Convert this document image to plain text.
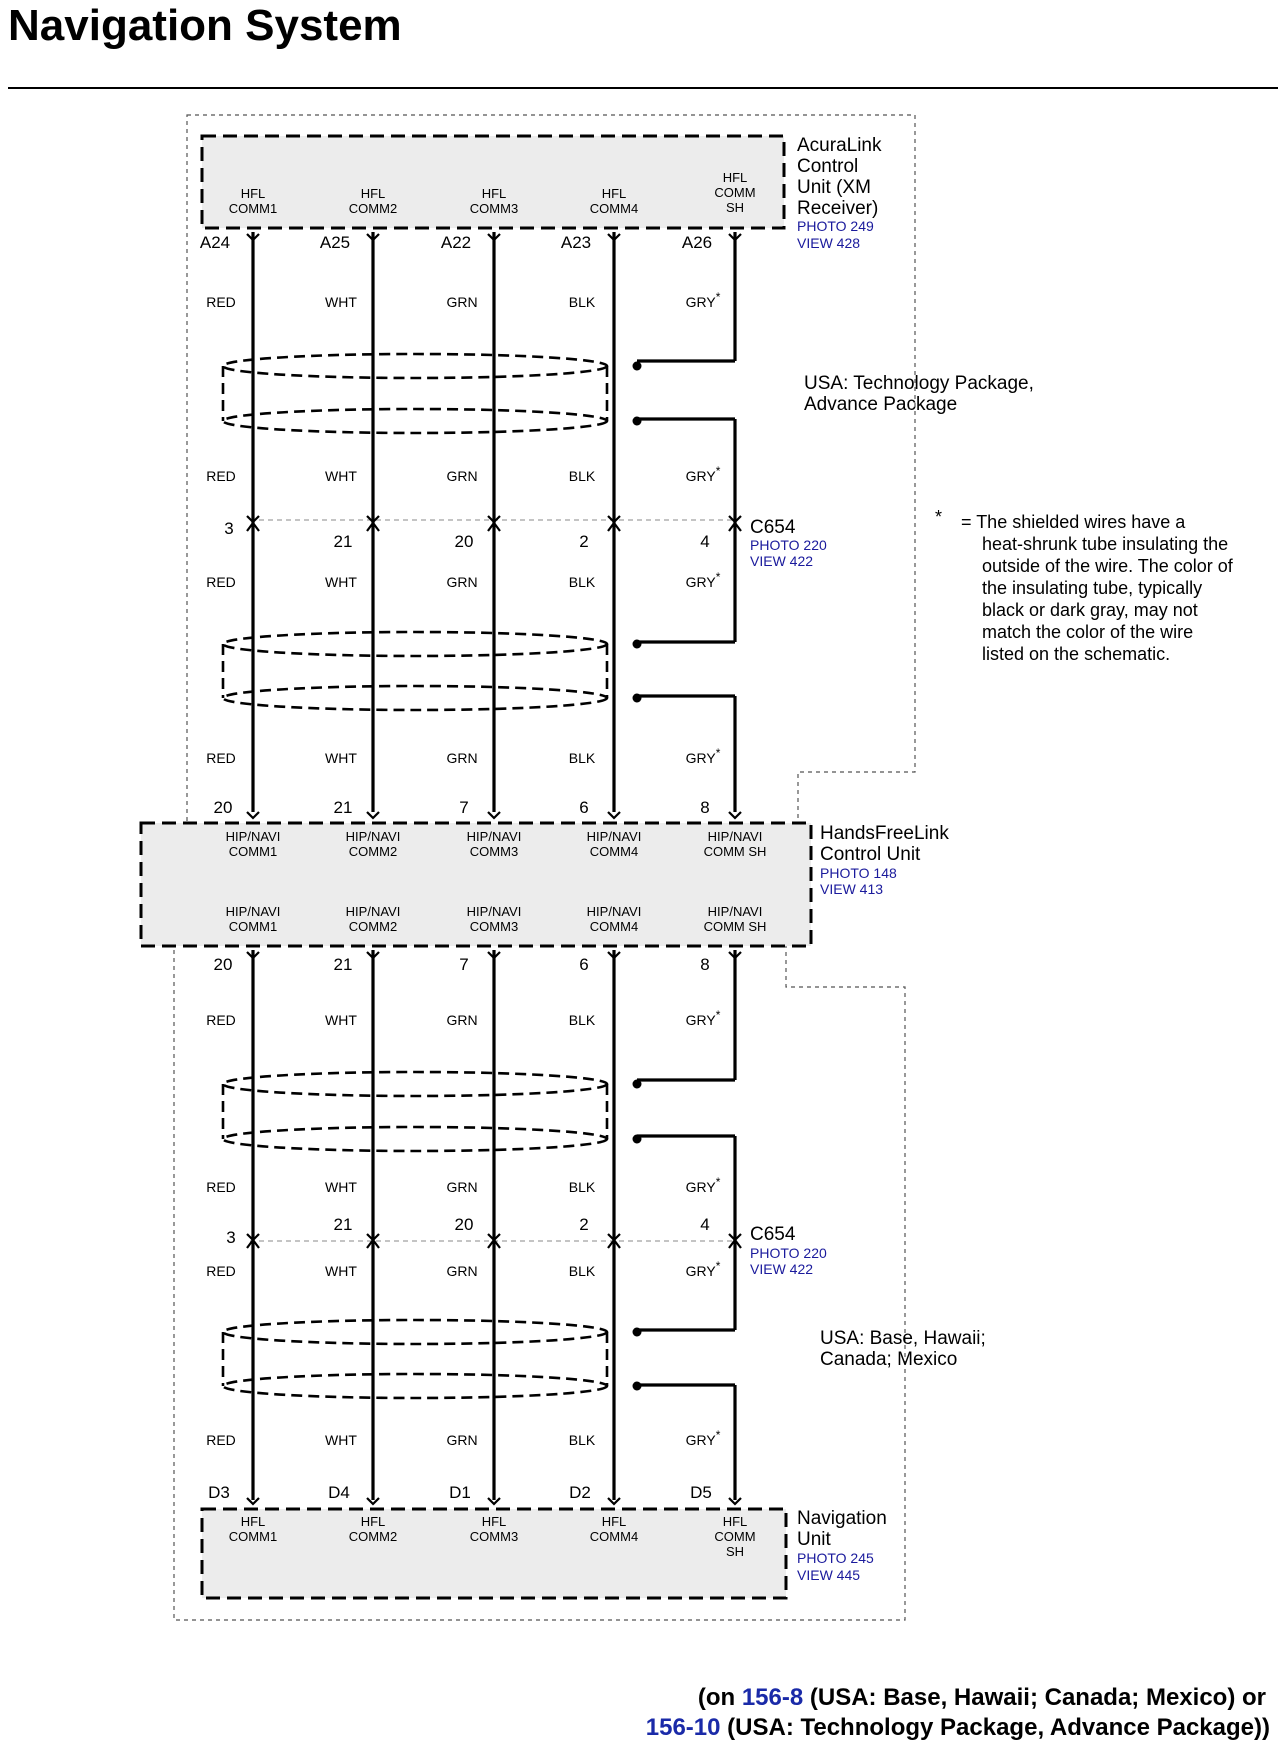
Navigation System
HFL
COMM1
HFL
COMM2
HFL
COMM3
HFL
COMM4
HFL
COMM
SH
A24	A25	A22	A23	A26
RED	WHT	GRN	BLK	GRY*
RED	WHT	GRN	BLK	GRY*
RED	WHT	GRN	BLK	GRY*
RED	WHT	GRN	BLK	GRY*
3
21	20	2	4
20	21	7	6	8
HIP/NAVI
COMM1
HIP/NAVI
COMM2
HIP/NAVI
COMM3
HIP/NAVI
COMM4
HIP/NAVI
COMM SH
HIP/NAVI
COMM1
HIP/NAVI
COMM2
HIP/NAVI
COMM3
HIP/NAVI
COMM4
HIP/NAVI
COMM SH
20	21	7	6	8
RED	WHT	GRN	BLK	GRY*
RED	WHT	GRN	BLK	GRY*
RED	WHT	GRN	BLK	GRY*
RED	WHT	GRN	BLK	GRY*
3
21	20	2	4
D3	D4	D1	D2	D5
HFL
COMM1
HFL
COMM2
HFL
COMM3
HFL
COMM4
HFL
COMM
SH
AcuraLink Control Unit (XM Receiver)
PHOTO 249
VIEW 428
USA: Technology Package, Advance Package
C654
PHOTO 220
VIEW 422
* = The shielded wires have a heat-shrunk tube insulating the outside of the wire. The color of the insulating tube, typically black or dark gray, may not match the color of the wire listed on the schematic.
HandsFreeLink Control Unit
PHOTO 148
VIEW 413
C654
PHOTO 220
VIEW 422
USA: Base, Hawaii; Canada; Mexico
Navigation Unit
PHOTO 245
VIEW 445
(on 156-8 (USA: Base, Hawaii; Canada; Mexico) or
156-10 (USA: Technology Package, Advance Package))
